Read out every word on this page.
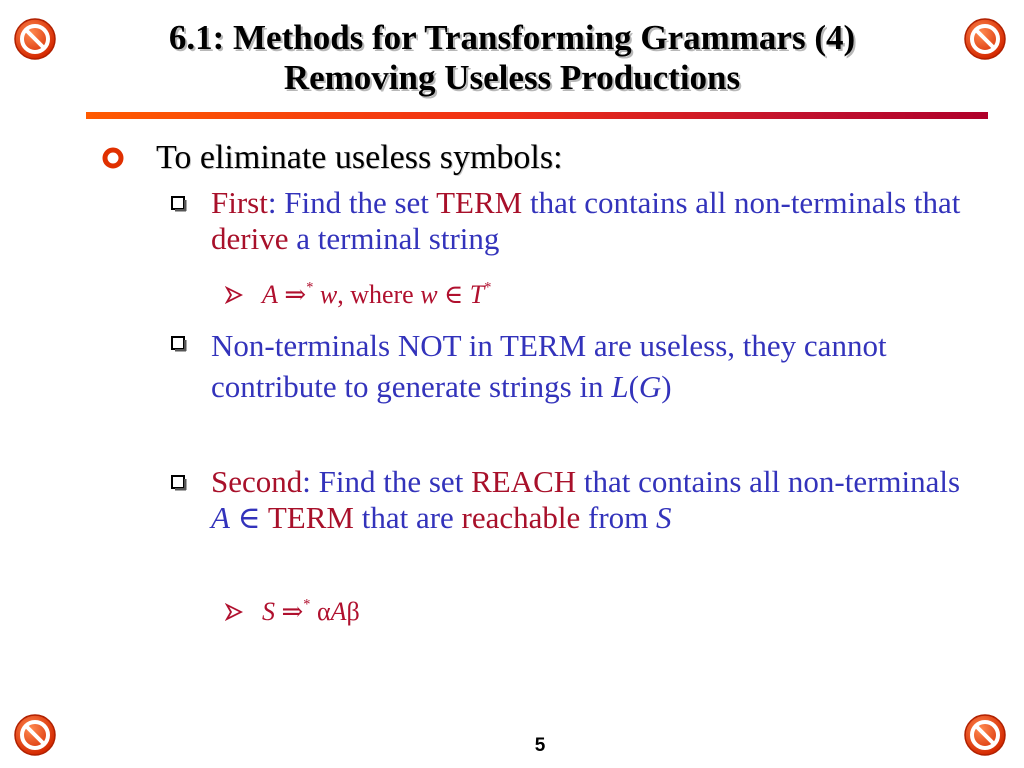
6.1: Methods for Transforming Grammars (4)
Removing Useless Productions
To eliminate useless symbols:
First: Find the set TERM that contains all non-terminals that derive a terminal string
A ⇒* w, where w ∈ T*
Non-terminals NOT in TERM are useless, they cannot contribute to generate strings in L(G)
Second: Find the set REACH that contains all non-terminals A ∈ TERM that are reachable from S
S ⇒* αAβ
5
